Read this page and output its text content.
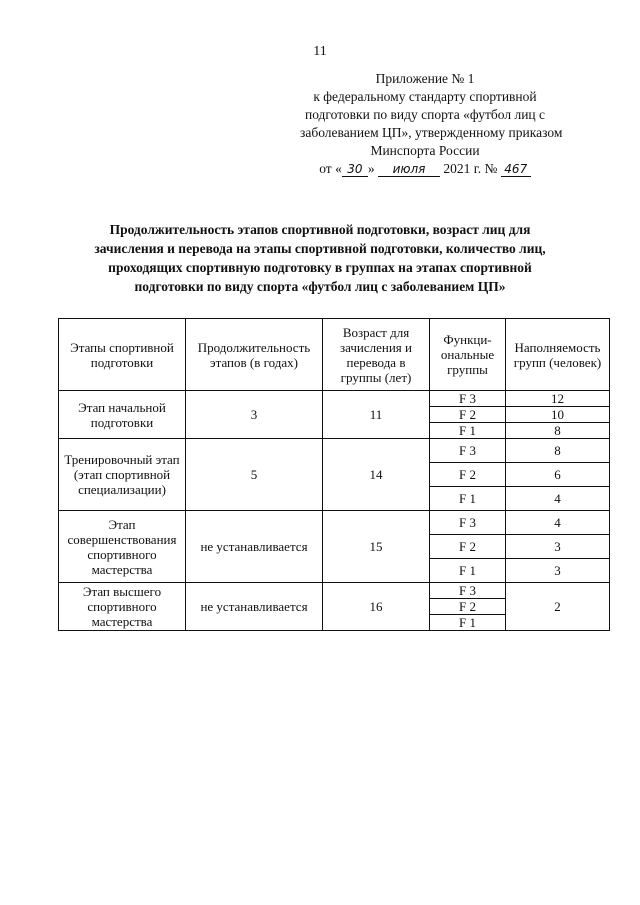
11
Приложение № 1
к федеральному стандарту спортивной
подготовки по виду спорта «футбол лиц с
заболеванием ЦП», утвержденному приказом
Минспорта России
от « 30 » июля 2021 г. № 467
Продолжительность этапов спортивной подготовки, возраст лиц для
зачисления и перевода на этапы спортивной подготовки, количество лиц,
проходящих спортивную подготовку в группах на этапах спортивной
подготовки по виду спорта «футбол лиц с заболеванием ЦП»
Этапы спортивной подготовки	Продолжительность этапов (в годах)	Возраст для зачисления и перевода в группы (лет)	Функци-ональные группы	Наполняемость групп (человек)
Этап начальной подготовки	3	11	F 3	12
			F 2	10
			F 1	8
Тренировочный этап (этап спортивной специализации)	5	14	F 3	8
			F 2	6
			F 1	4
Этап совершенствования спортивного мастерства	не устанавливается	15	F 3	4
			F 2	3
			F 1	3
Этап высшего спортивного мастерства	не устанавливается	16	F 3	2
			F 2	
			F 1	
